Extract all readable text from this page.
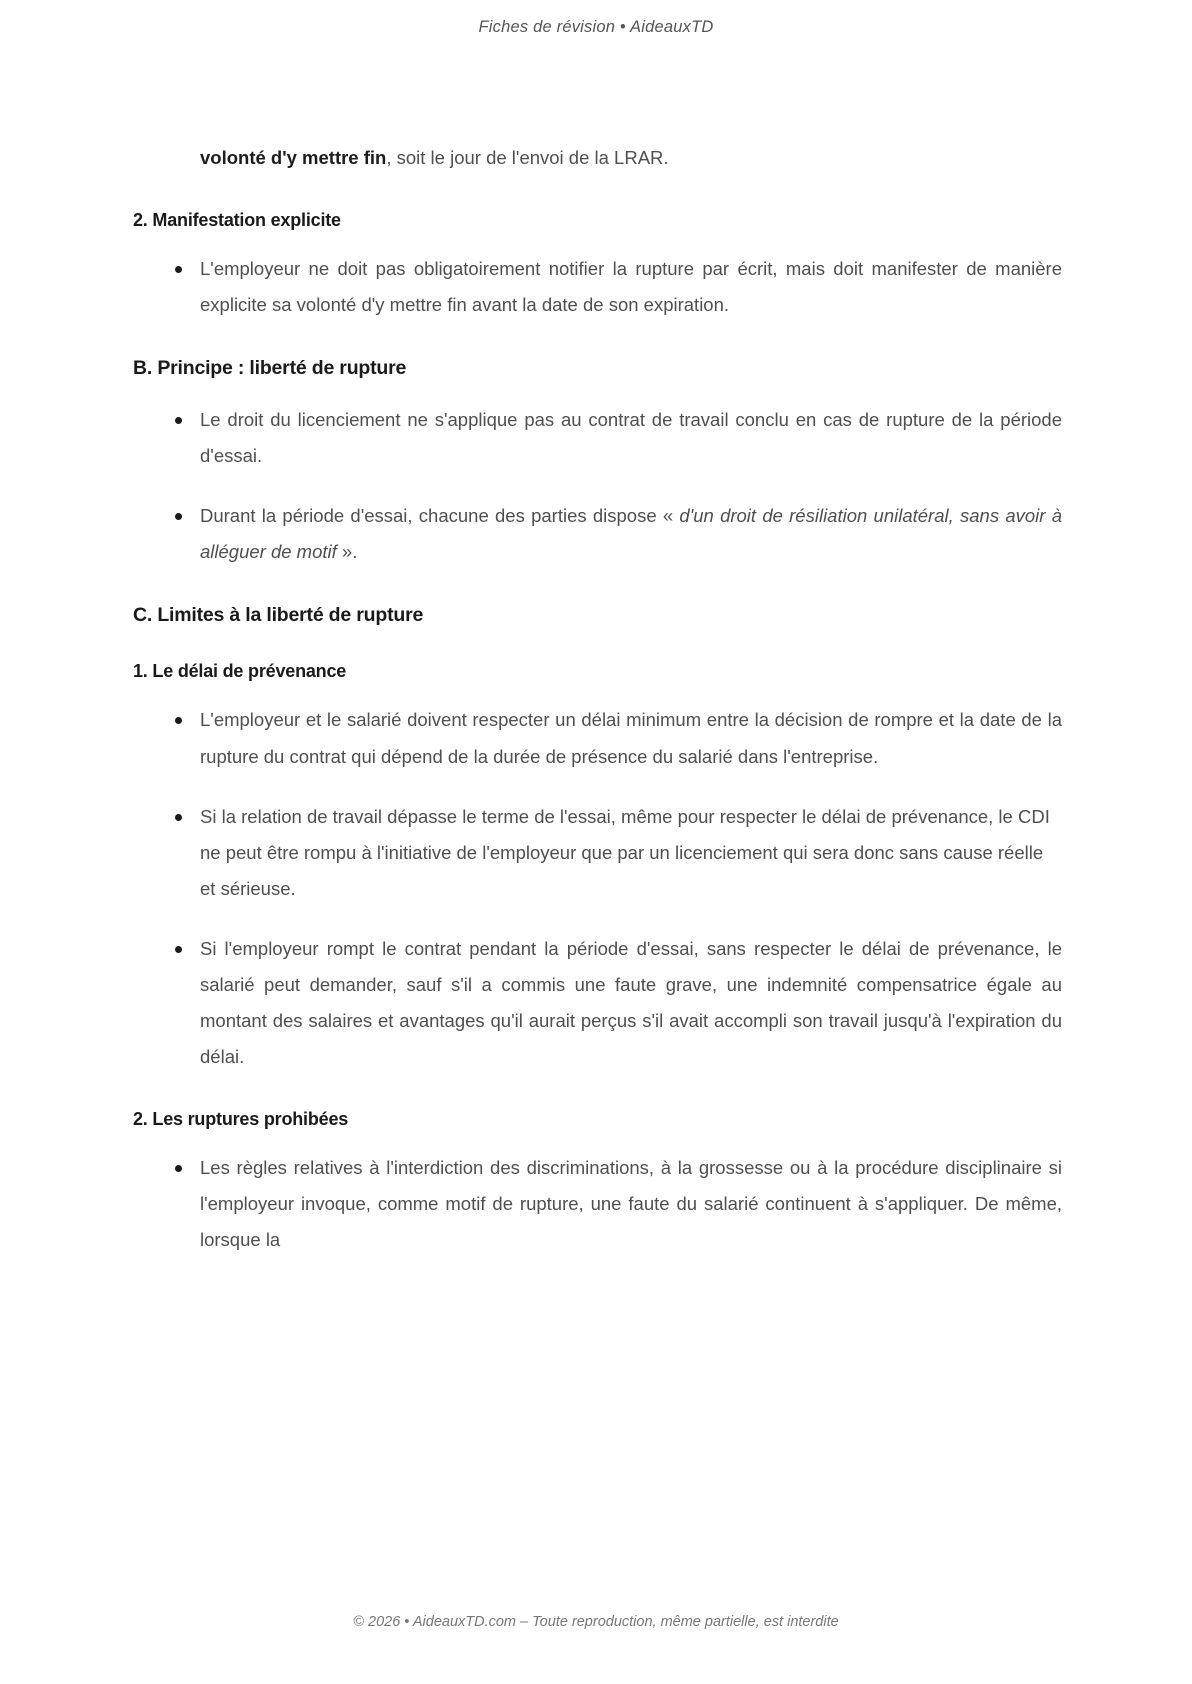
Fiches de révision • AideauxTD

volonté d'y mettre fin, soit le jour de l'envoi de la LRAR.

2. Manifestation explicite
L'employeur ne doit pas obligatoirement notifier la rupture par écrit, mais doit manifester de manière explicite sa volonté d'y mettre fin avant la date de son expiration.
B. Principe : liberté de rupture
Le droit du licenciement ne s'applique pas au contrat de travail conclu en cas de rupture de la période d'essai.
Durant la période d'essai, chacune des parties dispose « d'un droit de résiliation unilatéral, sans avoir à alléguer de motif ».
C. Limites à la liberté de rupture
1. Le délai de prévenance
L'employeur et le salarié doivent respecter un délai minimum entre la décision de rompre et la date de la rupture du contrat qui dépend de la durée de présence du salarié dans l'entreprise.
Si la relation de travail dépasse le terme de l'essai, même pour respecter le délai de prévenance, le CDI ne peut être rompu à l'initiative de l'employeur que par un licenciement qui sera donc sans cause réelle et sérieuse.
Si l'employeur rompt le contrat pendant la période d'essai, sans respecter le délai de prévenance, le salarié peut demander, sauf s'il a commis une faute grave, une indemnité compensatrice égale au montant des salaires et avantages qu'il aurait perçus s'il avait accompli son travail jusqu'à l'expiration du délai.
2. Les ruptures prohibées
Les règles relatives à l'interdiction des discriminations, à la grossesse ou à la procédure disciplinaire si l'employeur invoque, comme motif de rupture, une faute du salarié continuent à s'appliquer. De même, lorsque la
© 2026 • AideauxTD.com – Toute reproduction, même partielle, est interdite
